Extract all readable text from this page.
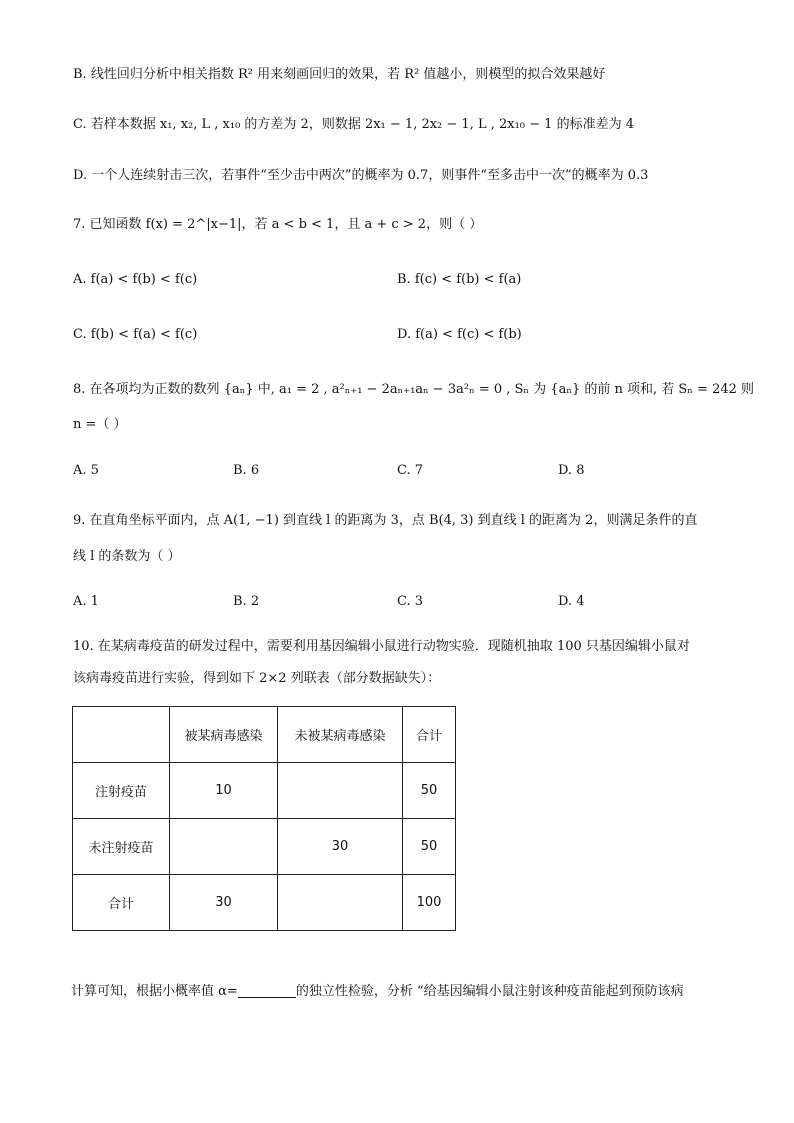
B. 线性回归分析中相关指数 R² 用来刻画回归的效果，若 R² 值越小，则模型的拟合效果越好
C. 若样本数据 x₁, x₂, L , x₁₀ 的方差为 2，则数据 2x₁ − 1, 2x₂ − 1, L , 2x₁₀ − 1 的标准差为 4
D. 一个人连续射击三次，若事件“至少击中两次”的概率为 0.7，则事件“至多击中一次”的概率为 0.3
7. 已知函数 f(x) = 2^|x−1|，若 a < b < 1，且 a + c > 2，则（ ）
A. f(a) < f(b) < f(c)	B. f(c) < f(b) < f(a)
C. f(b) < f(a) < f(c)	D. f(a) < f(c) < f(b)
8. 在各项均为正数的数列 {aₙ} 中, a₁ = 2 , a²ₙ₊₁ − 2aₙ₊₁aₙ − 3a²ₙ = 0 , Sₙ 为 {aₙ} 的前 n 项和, 若 Sₙ = 242 则
n =（ ）
A. 5	B. 6	C. 7	D. 8
9. 在直角坐标平面内，点 A(1, −1) 到直线 l 的距离为 3，点 B(4, 3) 到直线 l 的距离为 2，则满足条件的直
线 l 的条数为（ ）
A. 1	B. 2	C. 3	D. 4
10. 在某病毒疫苗的研发过程中，需要利用基因编辑小鼠进行动物实验．现随机抽取 100 只基因编辑小鼠对
该病毒疫苗进行实验，得到如下 2×2 列联表（部分数据缺失）：
	被某病毒感染	未被某病毒感染	合计
注射疫苗	10		50
未注射疫苗		30	50
合计	30		100
计算可知，根据小概率值 α=	的独立性检验，分析 “给基因编辑小鼠注射该种疫苗能起到预防该病
